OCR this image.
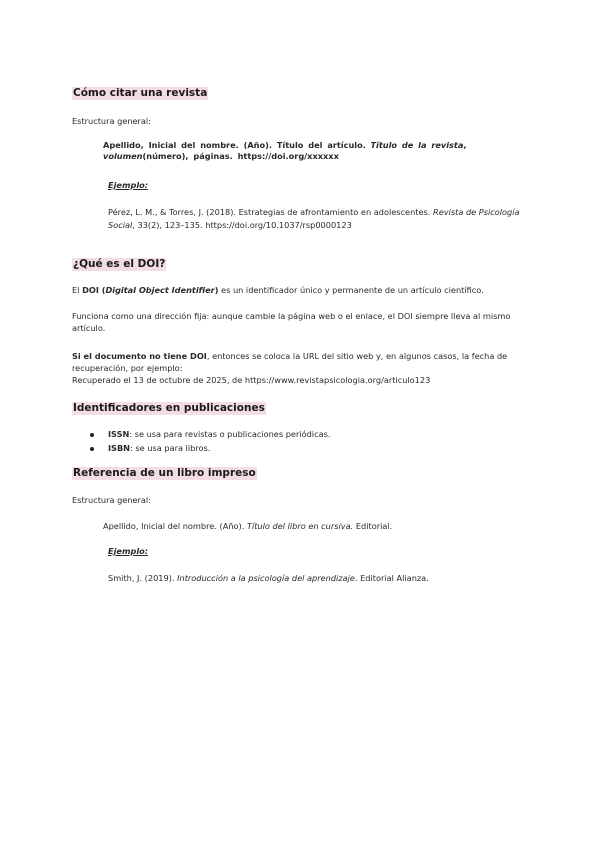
Cómo citar una revista
Estructura general:
Apellido, Inicial del nombre. (Año). Título del artículo. Título de la revista, volumen(número), páginas. https://doi.org/xxxxxx
Ejemplo:
Pérez, L. M., & Torres, J. (2018). Estrategias de afrontamiento en adolescentes. Revista de Psicología Social, 33(2), 123–135. https://doi.org/10.1037/rsp0000123
¿Qué es el DOI?
El DOI (Digital Object Identifier) es un identificador único y permanente de un artículo científico.
Funciona como una dirección fija: aunque cambie la página web o el enlace, el DOI siempre lleva al mismo artículo.
Si el documento no tiene DOI, entonces se coloca la URL del sitio web y, en algunos casos, la fecha de recuperación, por ejemplo:
Recuperado el 13 de octubre de 2025, de https://www.revistapsicologia.org/articulo123
Identificadores en publicaciones
ISSN: se usa para revistas o publicaciones periódicas.
ISBN: se usa para libros.
Referencia de un libro impreso
Estructura general:
Apellido, Inicial del nombre. (Año). Título del libro en cursiva. Editorial.
Ejemplo:
Smith, J. (2019). Introducción a la psicología del aprendizaje. Editorial Alianza.
